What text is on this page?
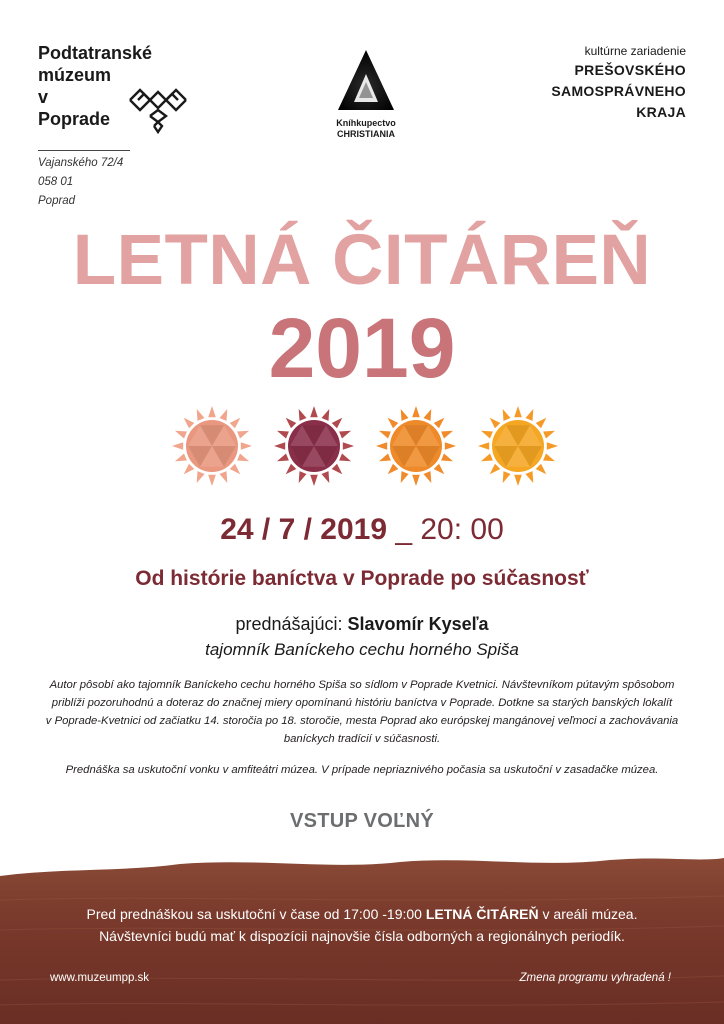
Podtatranské
múzeum
v
Poprade
Vajanského 72/4
058 01
Poprad
Kníhkupectvo
CHRISTIANIA
kultúrne zariadenie
PREŠOVSKÉHO
SAMOSPRÁVNEHO
KRAJA
LETNÁ ČITÁREŇ
2019
24 / 7 / 2019 _ 20: 00
Od histórie baníctva v Poprade po súčasnosť
prednášajúci: Slavomír Kyseľa
tajomník Baníckeho cechu horného Spiša
Autor pôsobí ako tajomník Baníckeho cechu horného Spiša so sídlom v Poprade Kvetnici. Návštevníkom pútavým spôsobom
priblíži pozoruhodnú a doteraz do značnej miery opomínanú históriu baníctva v Poprade. Dotkne sa starých banských lokalít
v Poprade-Kvetnici od začiatku 14. storočia po 18. storočie, mesta Poprad ako európskej mangánovej veľmoci a zachovávania
baníckych tradícií v súčasnosti.
Prednáška sa uskutoční vonku v amfiteátri múzea. V prípade nepriaznivého počasia sa uskutoční v zasadačke múzea.
VSTUP VOĽNÝ
Pred prednáškou sa uskutoční v čase od 17:00 -19:00 LETNÁ ČITÁREŇ v areáli múzea.
Návštevníci budú mať k dispozícii najnovšie čísla odborných a regionálnych periodík.
www.muzeumpp.sk	Zmena programu vyhradená !
